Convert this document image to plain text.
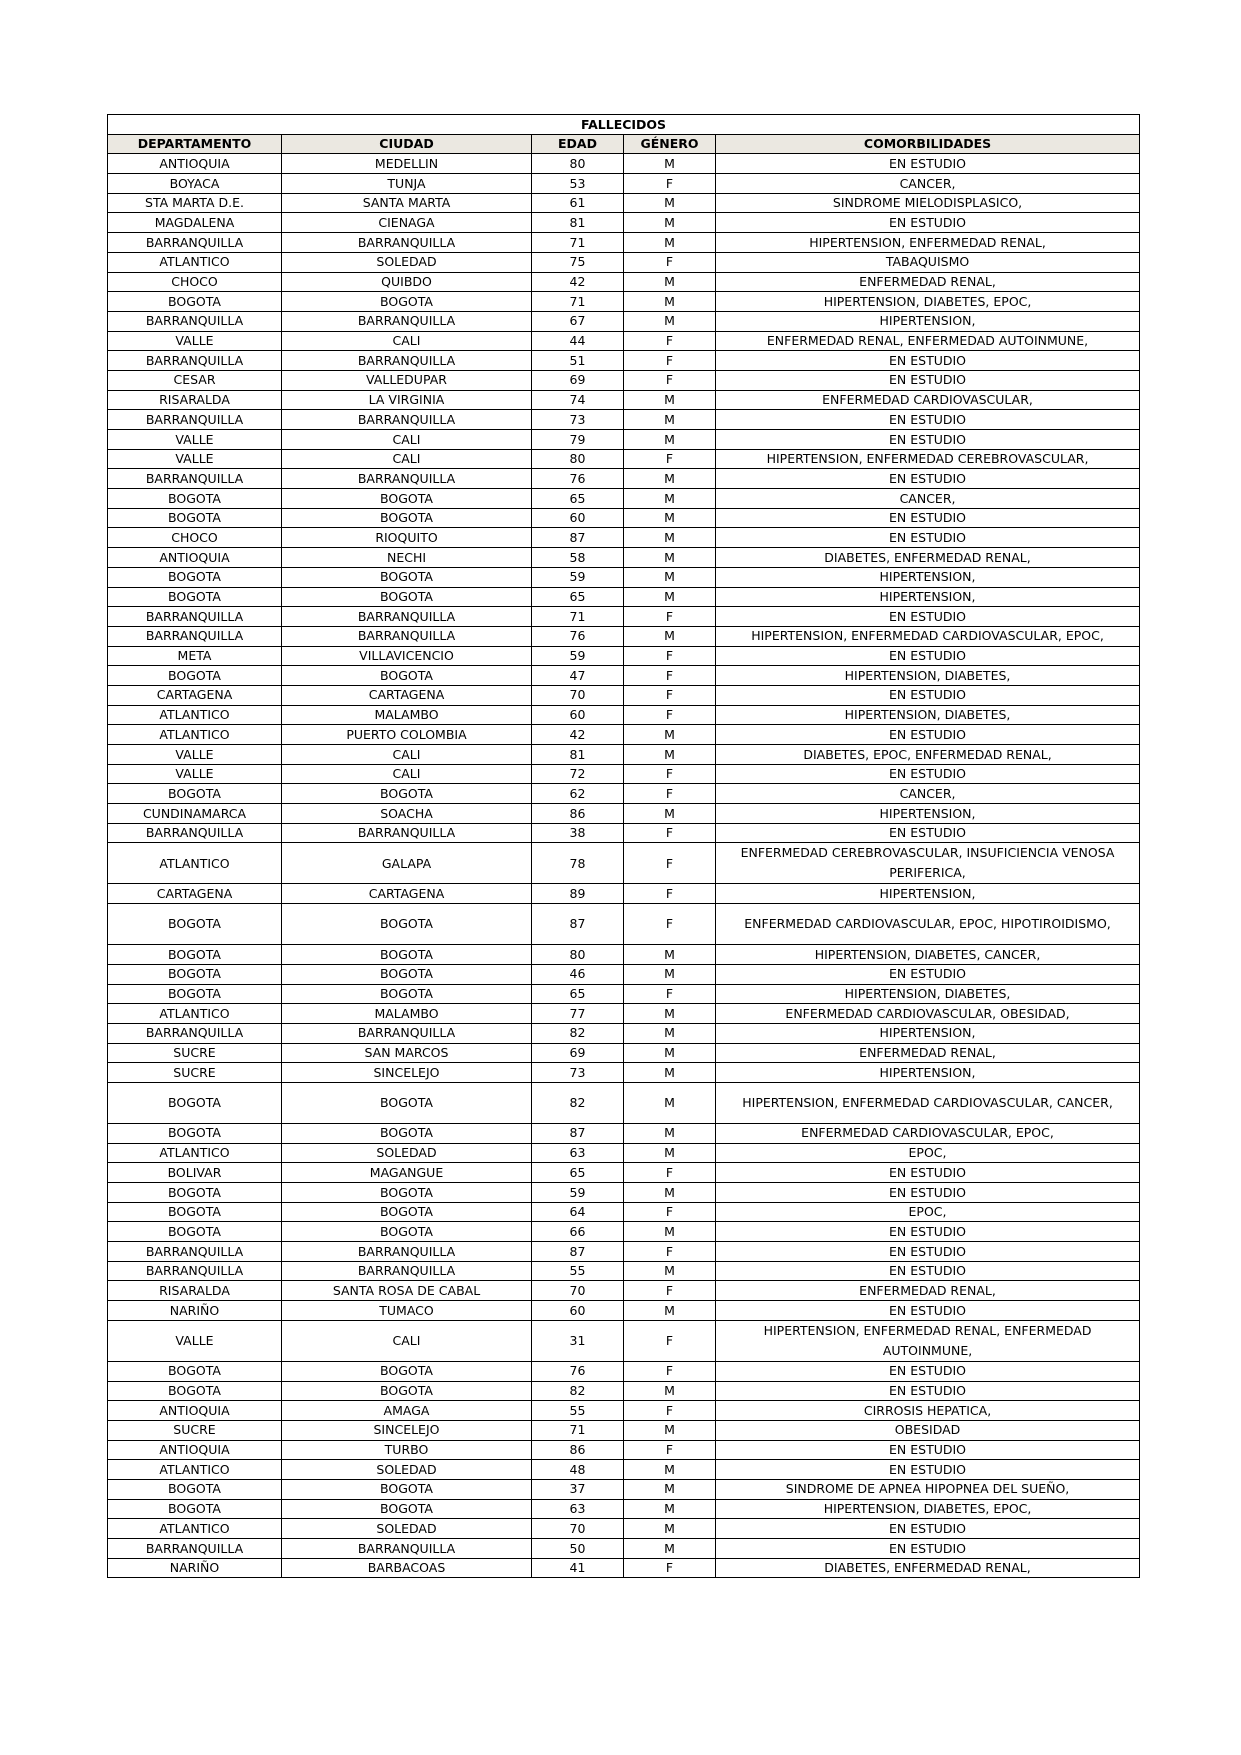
FALLECIDOS				
DEPARTAMENTO	CIUDAD	EDAD	GÉNERO	COMORBILIDADES
ANTIOQUIA	MEDELLIN	80	M	EN ESTUDIO
BOYACA	TUNJA	53	F	CANCER,
STA MARTA D.E.	SANTA MARTA	61	M	SINDROME MIELODISPLASICO,
MAGDALENA	CIENAGA	81	M	EN ESTUDIO
BARRANQUILLA	BARRANQUILLA	71	M	HIPERTENSION, ENFERMEDAD RENAL,
ATLANTICO	SOLEDAD	75	F	TABAQUISMO
CHOCO	QUIBDO	42	M	ENFERMEDAD RENAL,
BOGOTA	BOGOTA	71	M	HIPERTENSION, DIABETES, EPOC,
BARRANQUILLA	BARRANQUILLA	67	M	HIPERTENSION,
VALLE	CALI	44	F	ENFERMEDAD RENAL, ENFERMEDAD AUTOINMUNE,
BARRANQUILLA	BARRANQUILLA	51	F	EN ESTUDIO
CESAR	VALLEDUPAR	69	F	EN ESTUDIO
RISARALDA	LA VIRGINIA	74	M	ENFERMEDAD CARDIOVASCULAR,
BARRANQUILLA	BARRANQUILLA	73	M	EN ESTUDIO
VALLE	CALI	79	M	EN ESTUDIO
VALLE	CALI	80	F	HIPERTENSION, ENFERMEDAD CEREBROVASCULAR,
BARRANQUILLA	BARRANQUILLA	76	M	EN ESTUDIO
BOGOTA	BOGOTA	65	M	CANCER,
BOGOTA	BOGOTA	60	M	EN ESTUDIO
CHOCO	RIOQUITO	87	M	EN ESTUDIO
ANTIOQUIA	NECHI	58	M	DIABETES, ENFERMEDAD RENAL,
BOGOTA	BOGOTA	59	M	HIPERTENSION,
BOGOTA	BOGOTA	65	M	HIPERTENSION,
BARRANQUILLA	BARRANQUILLA	71	F	EN ESTUDIO
BARRANQUILLA	BARRANQUILLA	76	M	HIPERTENSION, ENFERMEDAD CARDIOVASCULAR, EPOC,
META	VILLAVICENCIO	59	F	EN ESTUDIO
BOGOTA	BOGOTA	47	F	HIPERTENSION, DIABETES,
CARTAGENA	CARTAGENA	70	F	EN ESTUDIO
ATLANTICO	MALAMBO	60	F	HIPERTENSION, DIABETES,
ATLANTICO	PUERTO COLOMBIA	42	M	EN ESTUDIO
VALLE	CALI	81	M	DIABETES, EPOC, ENFERMEDAD RENAL,
VALLE	CALI	72	F	EN ESTUDIO
BOGOTA	BOGOTA	62	F	CANCER,
CUNDINAMARCA	SOACHA	86	M	HIPERTENSION,
BARRANQUILLA	BARRANQUILLA	38	F	EN ESTUDIO
ATLANTICO	GALAPA	78	F	ENFERMEDAD CEREBROVASCULAR, INSUFICIENCIA VENOSA PERIFERICA,
CARTAGENA	CARTAGENA	89	F	HIPERTENSION,
BOGOTA	BOGOTA	87	F	ENFERMEDAD CARDIOVASCULAR, EPOC, HIPOTIROIDISMO,
BOGOTA	BOGOTA	80	M	HIPERTENSION, DIABETES, CANCER,
BOGOTA	BOGOTA	46	M	EN ESTUDIO
BOGOTA	BOGOTA	65	F	HIPERTENSION, DIABETES,
ATLANTICO	MALAMBO	77	M	ENFERMEDAD CARDIOVASCULAR, OBESIDAD,
BARRANQUILLA	BARRANQUILLA	82	M	HIPERTENSION,
SUCRE	SAN MARCOS	69	M	ENFERMEDAD RENAL,
SUCRE	SINCELEJO	73	M	HIPERTENSION,
BOGOTA	BOGOTA	82	M	HIPERTENSION, ENFERMEDAD CARDIOVASCULAR, CANCER,
BOGOTA	BOGOTA	87	M	ENFERMEDAD CARDIOVASCULAR, EPOC,
ATLANTICO	SOLEDAD	63	M	EPOC,
BOLIVAR	MAGANGUE	65	F	EN ESTUDIO
BOGOTA	BOGOTA	59	M	EN ESTUDIO
BOGOTA	BOGOTA	64	F	EPOC,
BOGOTA	BOGOTA	66	M	EN ESTUDIO
BARRANQUILLA	BARRANQUILLA	87	F	EN ESTUDIO
BARRANQUILLA	BARRANQUILLA	55	M	EN ESTUDIO
RISARALDA	SANTA ROSA DE CABAL	70	F	ENFERMEDAD RENAL,
NARIÑO	TUMACO	60	M	EN ESTUDIO
VALLE	CALI	31	F	HIPERTENSION, ENFERMEDAD RENAL, ENFERMEDAD AUTOINMUNE,
BOGOTA	BOGOTA	76	F	EN ESTUDIO
BOGOTA	BOGOTA	82	M	EN ESTUDIO
ANTIOQUIA	AMAGA	55	F	CIRROSIS HEPATICA,
SUCRE	SINCELEJO	71	M	OBESIDAD
ANTIOQUIA	TURBO	86	F	EN ESTUDIO
ATLANTICO	SOLEDAD	48	M	EN ESTUDIO
BOGOTA	BOGOTA	37	M	SINDROME DE APNEA HIPOPNEA DEL SUEÑO,
BOGOTA	BOGOTA	63	M	HIPERTENSION, DIABETES, EPOC,
ATLANTICO	SOLEDAD	70	M	EN ESTUDIO
BARRANQUILLA	BARRANQUILLA	50	M	EN ESTUDIO
NARIÑO	BARBACOAS	41	F	DIABETES, ENFERMEDAD RENAL,
